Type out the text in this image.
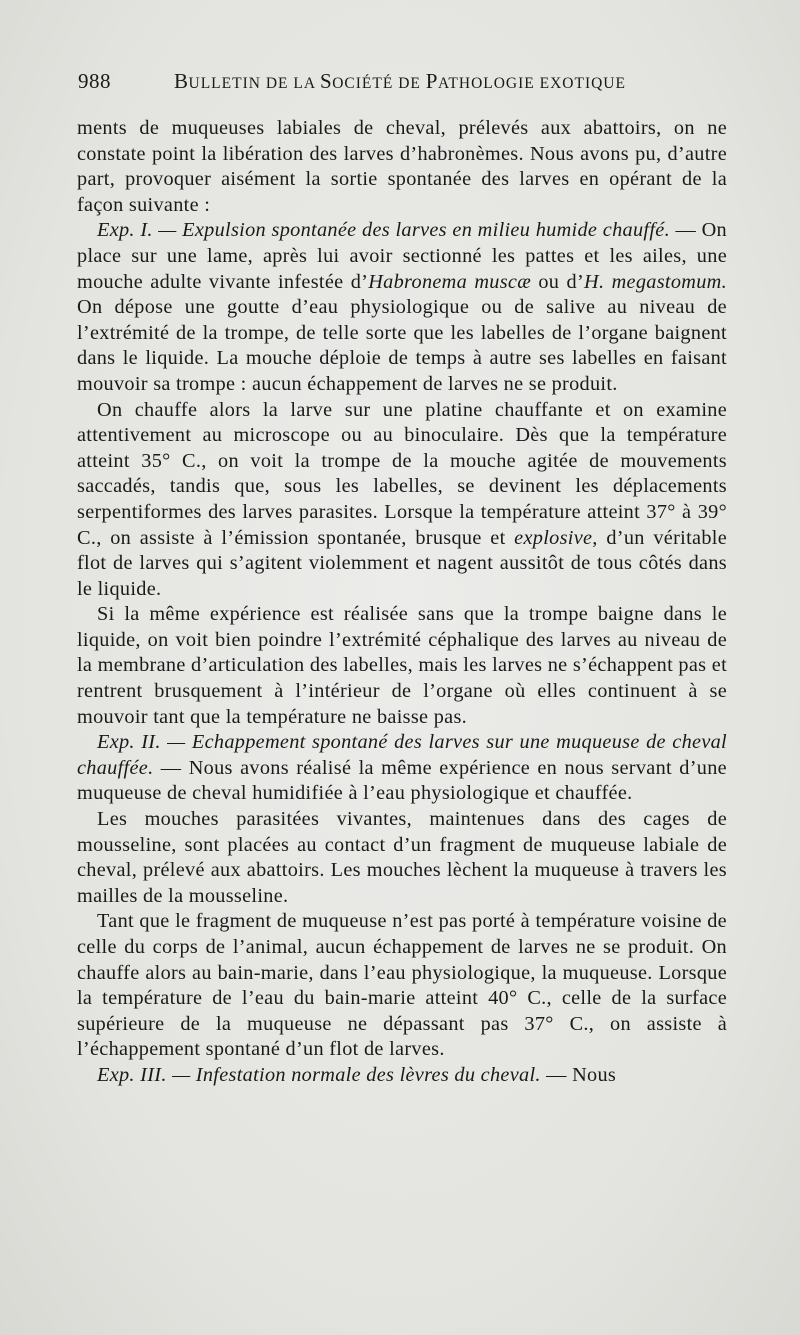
988	BULLETIN DE LA SOCIÉTÉ DE PATHOLOGIE EXOTIQUE

ments de muqueuses labiales de cheval, prélevés aux abattoirs, on ne constate point la libération des larves d’habronèmes. Nous avons pu, d’autre part, provoquer aisément la sortie spontanée des larves en opérant de la façon suivante :

Exp. I. — Expulsion spontanée des larves en milieu humide chauffé. — On place sur une lame, après lui avoir sectionné les pattes et les ailes, une mouche adulte vivante infestée d’Habronema muscæ ou d’H. megastomum. On dépose une goutte d’eau physiologique ou de salive au niveau de l’extrémité de la trompe, de telle sorte que les labelles de l’organe baignent dans le liquide. La mouche déploie de temps à autre ses labelles en faisant mouvoir sa trompe : aucun échappement de larves ne se produit.

On chauffe alors la larve sur une platine chauffante et on examine attentivement au microscope ou au binoculaire. Dès que la température atteint 35° C., on voit la trompe de la mouche agitée de mouvements saccadés, tandis que, sous les labelles, se devinent les déplacements serpentiformes des larves parasites. Lorsque la température atteint 37° à 39° C., on assiste à l’émission spontanée, brusque et explosive, d’un véritable flot de larves qui s’agitent violemment et nagent aussitôt de tous côtés dans le liquide.

Si la même expérience est réalisée sans que la trompe baigne dans le liquide, on voit bien poindre l’extrémité céphalique des larves au niveau de la membrane d’articulation des labelles, mais les larves ne s’échappent pas et rentrent brusquement à l’intérieur de l’organe où elles continuent à se mouvoir tant que la température ne baisse pas.

Exp. II. — Echappement spontané des larves sur une muqueuse de cheval chauffée. — Nous avons réalisé la même expérience en nous servant d’une muqueuse de cheval humidifiée à l’eau physiologique et chauffée.

Les mouches parasitées vivantes, maintenues dans des cages de mousseline, sont placées au contact d’un fragment de muqueuse labiale de cheval, prélevé aux abattoirs. Les mouches lèchent la muqueuse à travers les mailles de la mousseline.

Tant que le fragment de muqueuse n’est pas porté à température voisine de celle du corps de l’animal, aucun échappement de larves ne se produit. On chauffe alors au bain-marie, dans l’eau physiologique, la muqueuse. Lorsque la température de l’eau du bain-marie atteint 40° C., celle de la surface supérieure de la muqueuse ne dépassant pas 37° C., on assiste à l’échappement spontané d’un flot de larves.

Exp. III. — Infestation normale des lèvres du cheval. — Nous
